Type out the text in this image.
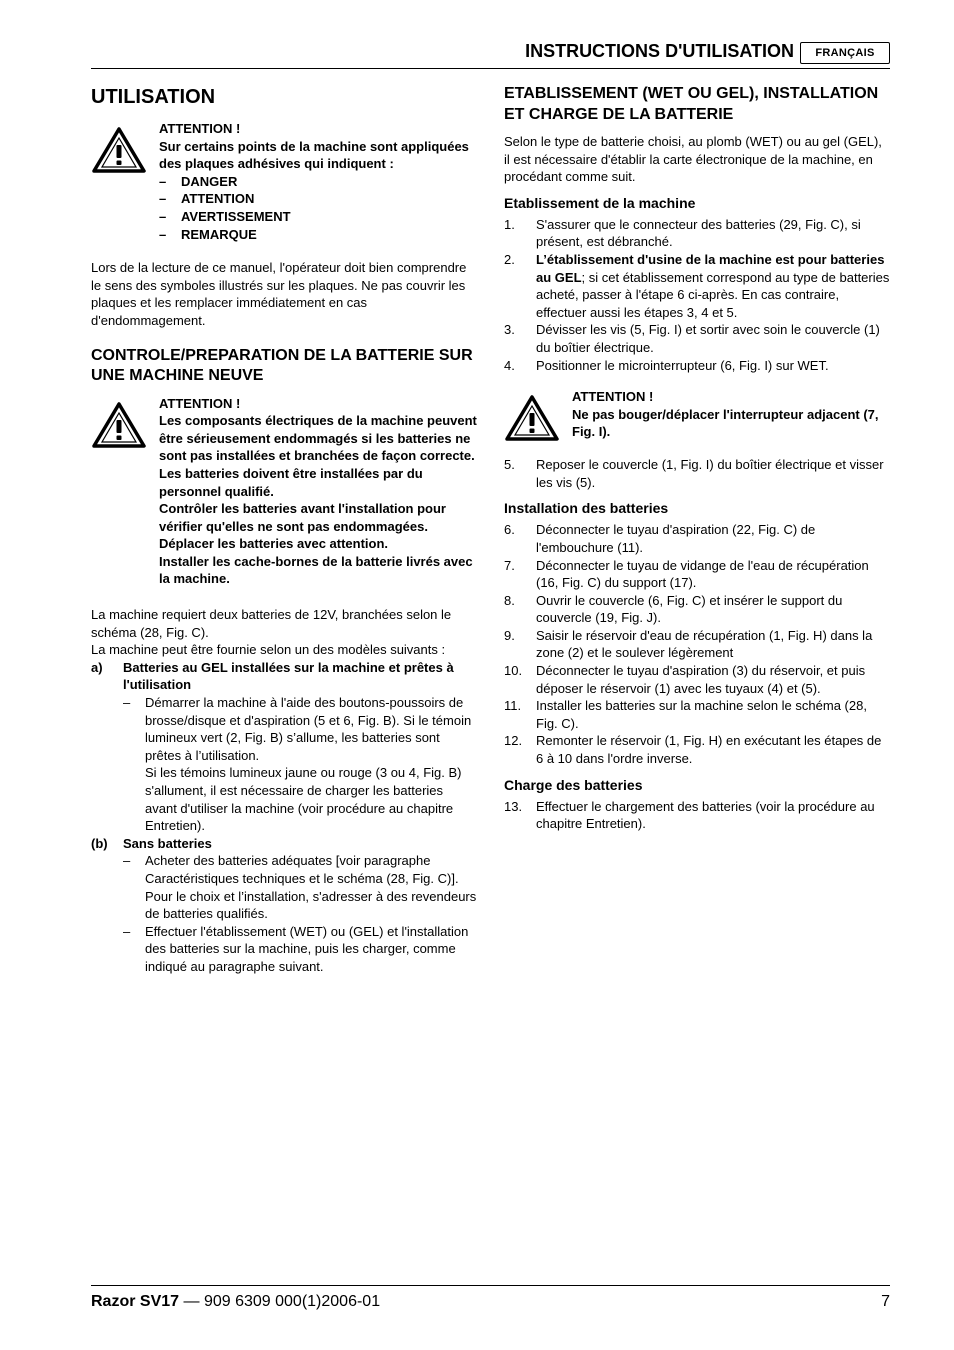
INSTRUCTIONS D'UTILISATION	FRANÇAIS
UTILISATION

ATTENTION !

Sur certains points de la machine sont appliquées des plaques adhésives qui indiquent :

– DANGER
– ATTENTION
– AVERTISSEMENT
– REMARQUE

Lors de la lecture de ce manuel, l'opérateur doit bien comprendre le sens des symboles illustrés sur les plaques. Ne pas couvrir les plaques et les remplacer immédiatement en cas d'endommagement.

CONTROLE/PREPARATION DE LA BATTERIE SUR UNE MACHINE NEUVE

ATTENTION !

Les composants électriques de la machine peuvent être sérieusement endommagés si les batteries ne sont pas installées et branchées de façon correcte. Les batteries doivent être installées par du personnel qualifié.

Contrôler les batteries avant l'installation pour vérifier qu'elles ne sont pas endommagées.

Déplacer les batteries avec attention.

Installer les cache-bornes de la batterie livrés avec la machine.

La machine requiert deux batteries de 12V, branchées selon le schéma (28, Fig. C).

La machine peut être fournie selon un des modèles suivants :

a)	Batteries au GEL installées sur la machine et prêtes à l'utilisation

– Démarrer la machine à l'aide des boutons-poussoirs de brosse/disque et d'aspiration (5 et 6, Fig. B). Si le témoin lumineux vert (2, Fig. B) s’allume, les batteries sont prêtes à l’utilisation.

Si les témoins lumineux jaune ou rouge (3 ou 4, Fig. B) s'allument, il est nécessaire de charger les batteries avant d'utiliser la machine (voir procédure au chapitre Entretien).

(b)	Sans batteries

– Acheter des batteries adéquates [voir paragraphe Caractéristiques techniques et le schéma (28, Fig. C)].

Pour le choix et l’installation, s'adresser à des revendeurs de batteries qualifiés.

– Effectuer l'établissement (WET) ou (GEL) et l'installation des batteries sur la machine, puis les charger, comme indiqué au paragraphe suivant.

ETABLISSEMENT (WET OU GEL), INSTALLATION ET CHARGE DE LA BATTERIE

Selon le type de batterie choisi, au plomb (WET) ou au gel (GEL), il est nécessaire d'établir la carte électronique de la machine, en procédant comme suit.

Etablissement de la machine
1.	S'assurer que le connecteur des batteries (29, Fig. C), si présent, est débranché.
2.	L’établissement d'usine de la machine est pour batteries au GEL; si cet établissement correspond au type de batteries acheté, passer à l'étape 6 ci-après. En cas contraire, effectuer aussi les étapes 3, 4 et 5.
3.	Dévisser les vis (5, Fig. I) et sortir avec soin le couvercle (1) du boîtier électrique.
4.	Positionner le microinterrupteur (6, Fig. I) sur WET.

ATTENTION !

Ne pas bouger/déplacer l'interrupteur adjacent (7, Fig. I).

5.	Reposer le couvercle (1, Fig. I) du boîtier électrique et visser les vis (5).
Installation des batteries
6.	Déconnecter le tuyau d'aspiration (22, Fig. C) de l'embouchure (11).
7.	Déconnecter le tuyau de vidange de l'eau de récupération (16, Fig. C) du support (17).
8.	Ouvrir le couvercle (6, Fig. C) et insérer le support du couvercle (19, Fig. J).
9.	Saisir le réservoir d'eau de récupération (1, Fig. H) dans la zone (2) et le soulever légèrement
10.	Déconnecter le tuyau d'aspiration (3) du réservoir, et puis déposer le réservoir (1) avec les tuyaux (4) et (5).
11.	Installer les batteries sur la machine selon le schéma (28, Fig. C).
12.	Remonter le réservoir (1, Fig. H) en exécutant les étapes de 6 à 10 dans l'ordre inverse.
Charge des batteries
13.	Effectuer le chargement des batteries (voir la procédure au chapitre Entretien).
Razor SV17 — 909 6309 000(1)2006-01	7
